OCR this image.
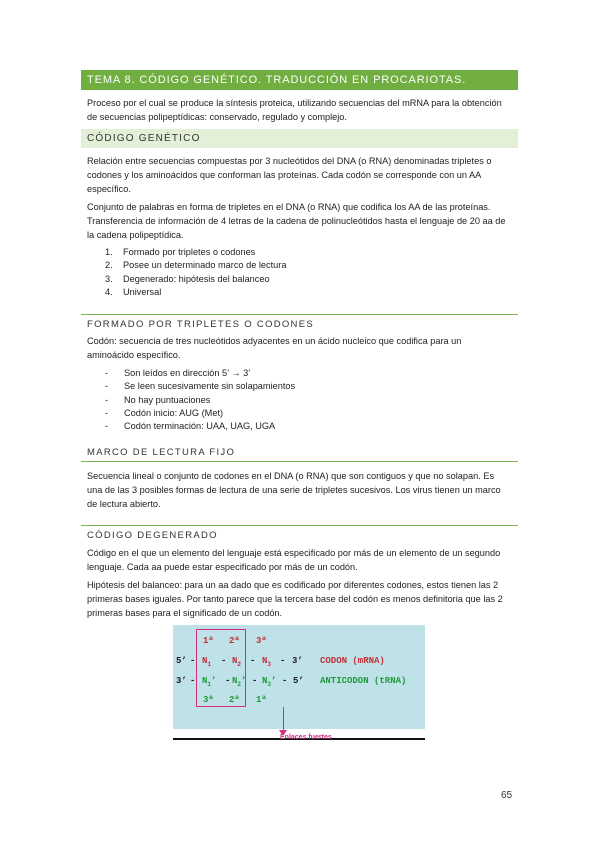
TEMA 8. CÓDIGO GENÉTICO. TRADUCCIÓN EN PROCARIOTAS.

Proceso por el cual se produce la síntesis proteica, utilizando secuencias del mRNA para la obtención de secuencias polipeptídicas: conservado, regulado y complejo.

CÓDIGO GENÉTICO

Relación entre secuencias compuestas por 3 nucleótidos del DNA (o RNA) denominadas tripletes o codones y los aminoácidos que conforman las proteínas. Cada codón se corresponde con un AA específico.

Conjunto de palabras en forma de tripletes en el DNA (o RNA) que codifica los AA de las proteínas. Transferencia de información de 4 letras de la cadena de polinucleótidos hasta el lenguaje de 20 aa de la cadena polipeptídica.

1. Formado por tripletes o codones
2. Posee un determinado marco de lectura
3. Degenerado: hipótesis del balanceo
4. Universal
FORMADO POR TRIPLETES O CODONES

Codón: secuencia de tres nucleótidos adyacentes en un ácido nucleico que codifica para un aminoácido específico.

- Son leídos en dirección 5’ → 3’
- Se leen sucesivamente sin solapamientos
- No hay puntuaciones
- Codón inicio: AUG (Met)
- Codón terminación: UAA, UAG, UGA
MARCO DE LECTURA FIJO

Secuencia lineal o conjunto de codones en el DNA (o RNA) que son contiguos y que no solapan. Es una de las 3 posibles formas de lectura de una serie de tripletes sucesivos. Los virus tienen un marco de lectura abierto.

CÓDIGO DEGENERADO

Código en el que un elemento del lenguaje está especificado por más de un elemento de un segundo lenguaje. Cada aa puede estar especificado por más de un codón.

Hipótesis del balanceo: para un aa dado que es codificado por diferentes codones, estos tienen las 2 primeras bases iguales. Por tanto parece que la tercera base del codón es menos definitoria que las 2 primeras bases para el significado de un codón.

1ª 2ª 3ª
5’ - $N_1 - N_2 - N_3 - 3$’ CODON (mRNA)
3’ - $N_1$’ - $N_2$’ - $N_3$’ - 5’ ANTICODON (tRNA)
3ª 2ª 1ª
Enlaces fuertes
65
